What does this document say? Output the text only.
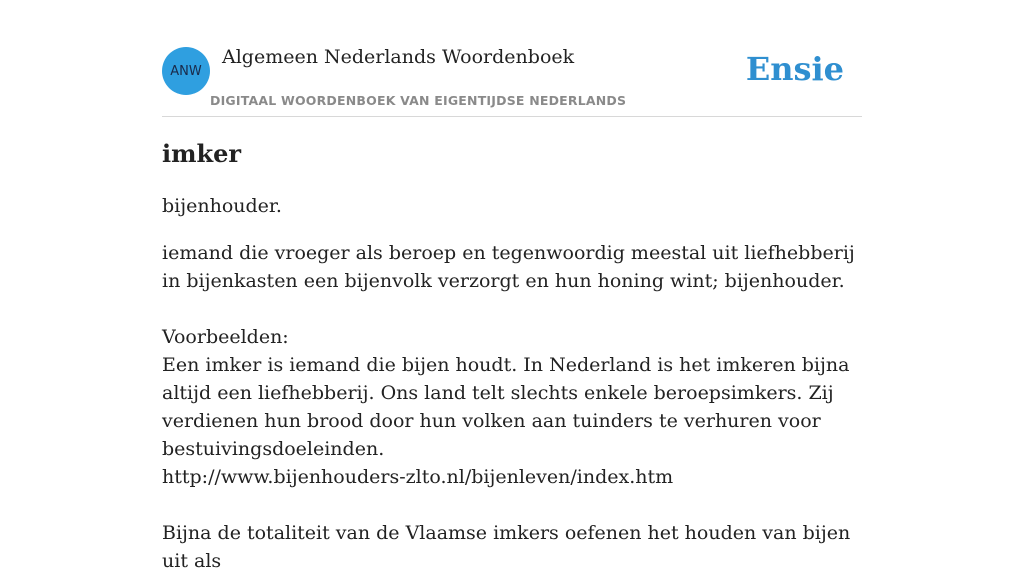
ANW
Algemeen Nederlands Woordenboek
DIGITAAL WOORDENBOEK VAN EIGENTIJDSE NEDERLANDS
Ensie
imker

bijenhouder.

iemand die vroeger als beroep en tegenwoordig meestal uit liefhebberij in bijenkasten een bijenvolk verzorgt en hun honing wint; bijenhouder.

Voorbeelden:

Een imker is iemand die bijen houdt. In Nederland is het imkeren bijna altijd een liefhebberij. Ons land telt slechts enkele beroepsimkers. Zij verdienen hun brood door hun volken aan tuinders te verhuren voor bestuivingsdoeleinden.

http://www.bijenhouders-zlto.nl/bijenleven/index.htm

Bijna de totaliteit van de Vlaamse imkers oefenen het houden van bijen uit als
